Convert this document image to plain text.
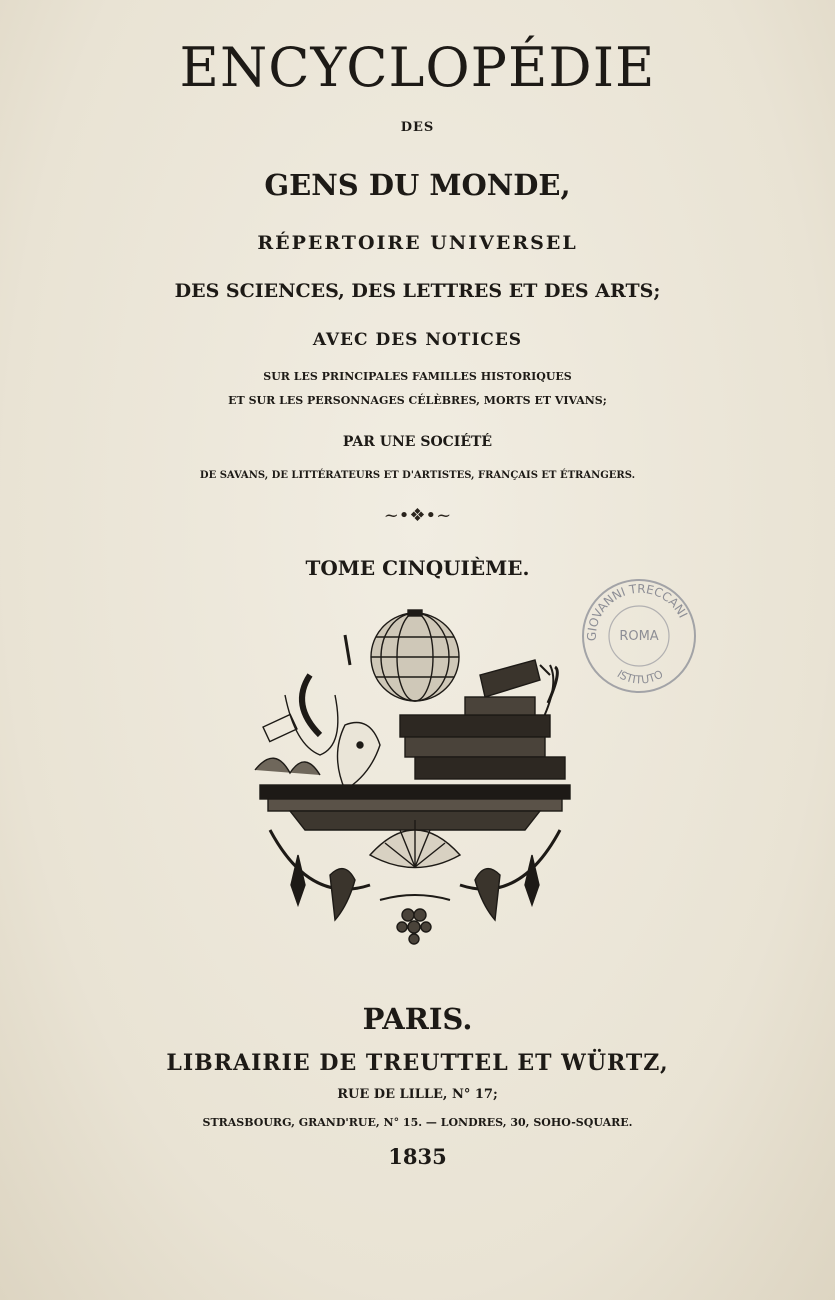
ENCYCLOPÉDIE
DES
GENS DU MONDE,
RÉPERTOIRE UNIVERSEL
DES SCIENCES, DES LETTRES ET DES ARTS;
AVEC DES NOTICES
SUR LES PRINCIPALES FAMILLES HISTORIQUES
ET SUR LES PERSONNAGES CÉLÈBRES, MORTS ET VIVANS;
PAR UNE SOCIÉTÉ
DE SAVANS, DE LITTÉRATEURS ET D'ARTISTES, FRANÇAIS ET ÉTRANGERS.
~•❖•~
TOME CINQUIÈME.
GIOVANNI TRECCANI
ROMA
ISTITUTO
PARIS.
LIBRAIRIE DE TREUTTEL ET WÜRTZ,
RUE DE LILLE, N° 17;
STRASBOURG, GRAND'RUE, N° 15. — LONDRES, 30, SOHO-SQUARE.
1835
